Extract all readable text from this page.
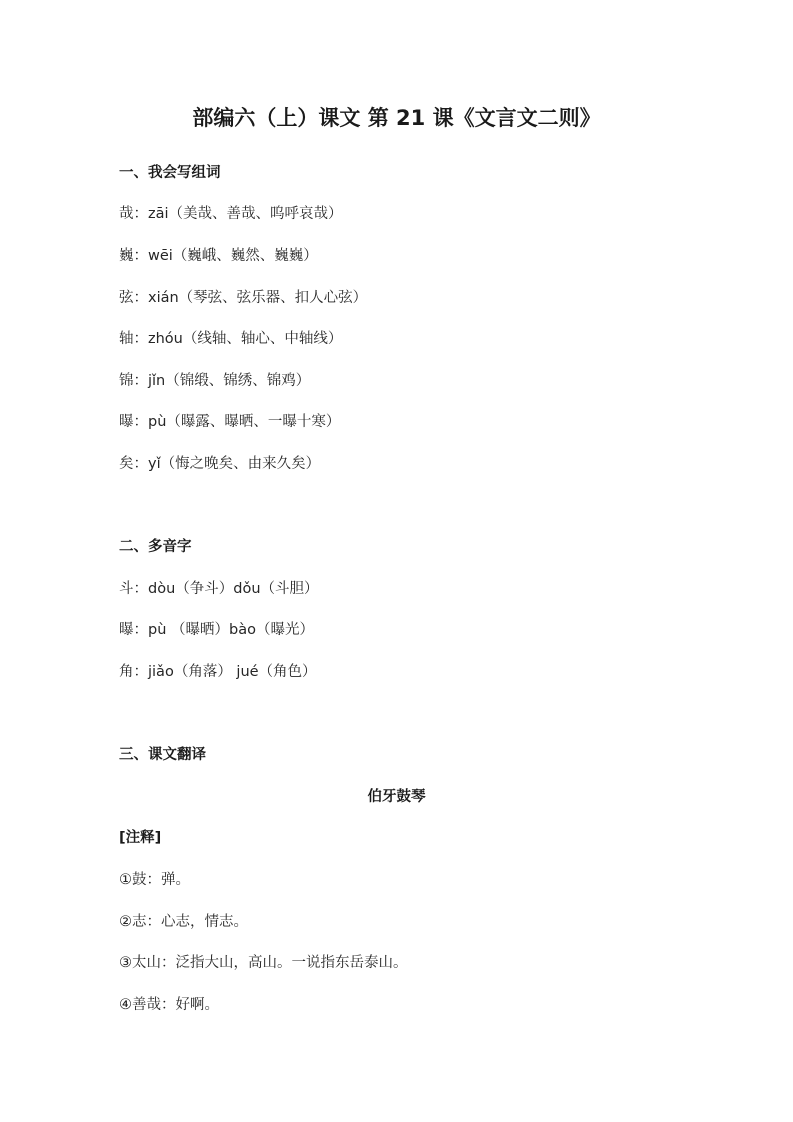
部编六（上）课文 第 21 课《文言文二则》
一、我会写组词
哉：zāi（美哉、善哉、呜呼哀哉）
巍：wēi（巍峨、巍然、巍巍）
弦：xián（琴弦、弦乐器、扣人心弦）
轴：zhóu（线轴、轴心、中轴线）
锦：jǐn（锦缎、锦绣、锦鸡）
曝：pù（曝露、曝晒、一曝十寒）
矣：yǐ（悔之晚矣、由来久矣）
二、多音字
斗：dòu（争斗）dǒu（斗胆）
曝：pù （曝晒）bào（曝光）
角：jiǎo（角落） jué（角色）
三、课文翻译
伯牙鼓琴
[注释]
①鼓：弹。
②志：心志，情志。
③太山：泛指大山，高山。一说指东岳泰山。
④善哉：好啊。
